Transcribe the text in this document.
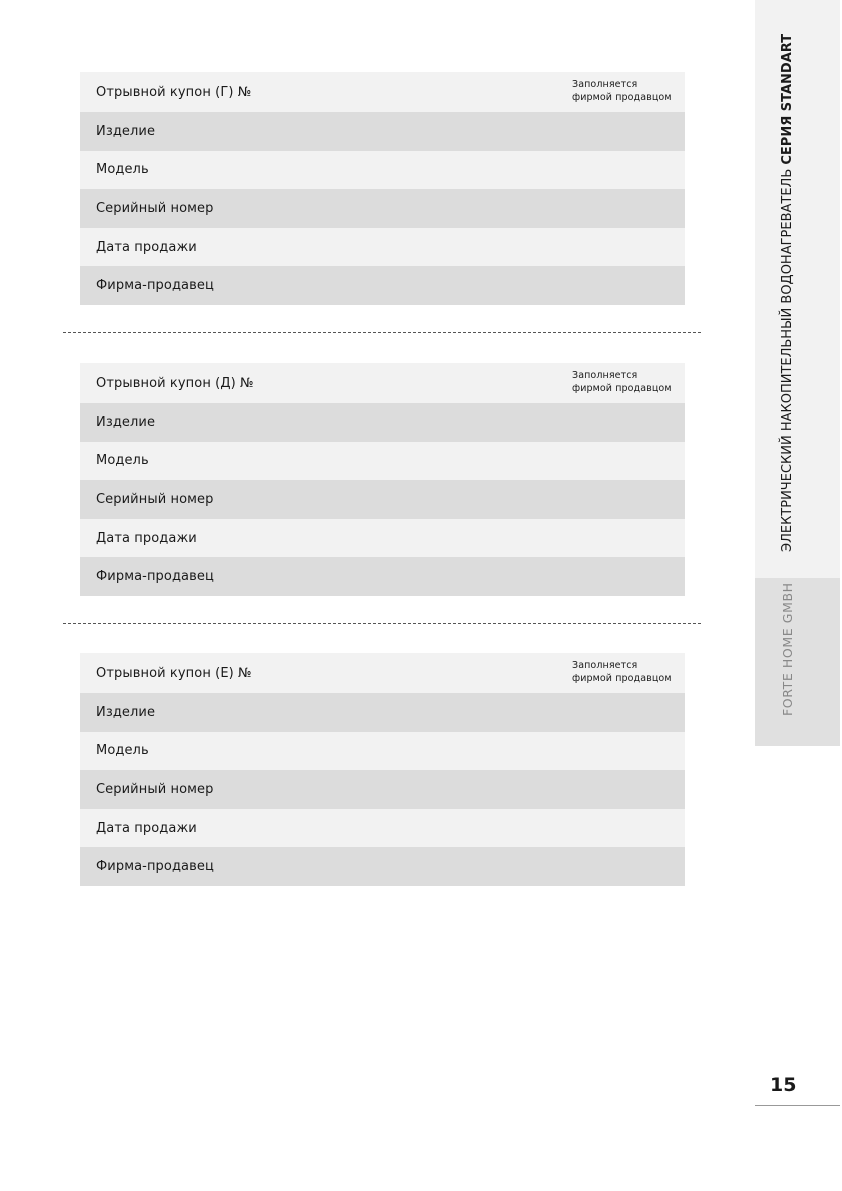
Отрывной купон (Г) №	Заполняется
фирмой продавцом
Изделие
Модель
Серийный номер
Дата продажи
Фирма-продавец
Отрывной купон (Д) №	Заполняется
фирмой продавцом
Изделие
Модель
Серийный номер
Дата продажи
Фирма-продавец
Отрывной купон (Е) №	Заполняется
фирмой продавцом
Изделие
Модель
Серийный номер
Дата продажи
Фирма-продавец
ЭЛЕКТРИЧЕСКИЙ НАКОПИТЕЛЬНЫЙ ВОДОНАГРЕВАТЕЛЬ СЕРИЯ STANDART
FORTE HOME GMBH
15
